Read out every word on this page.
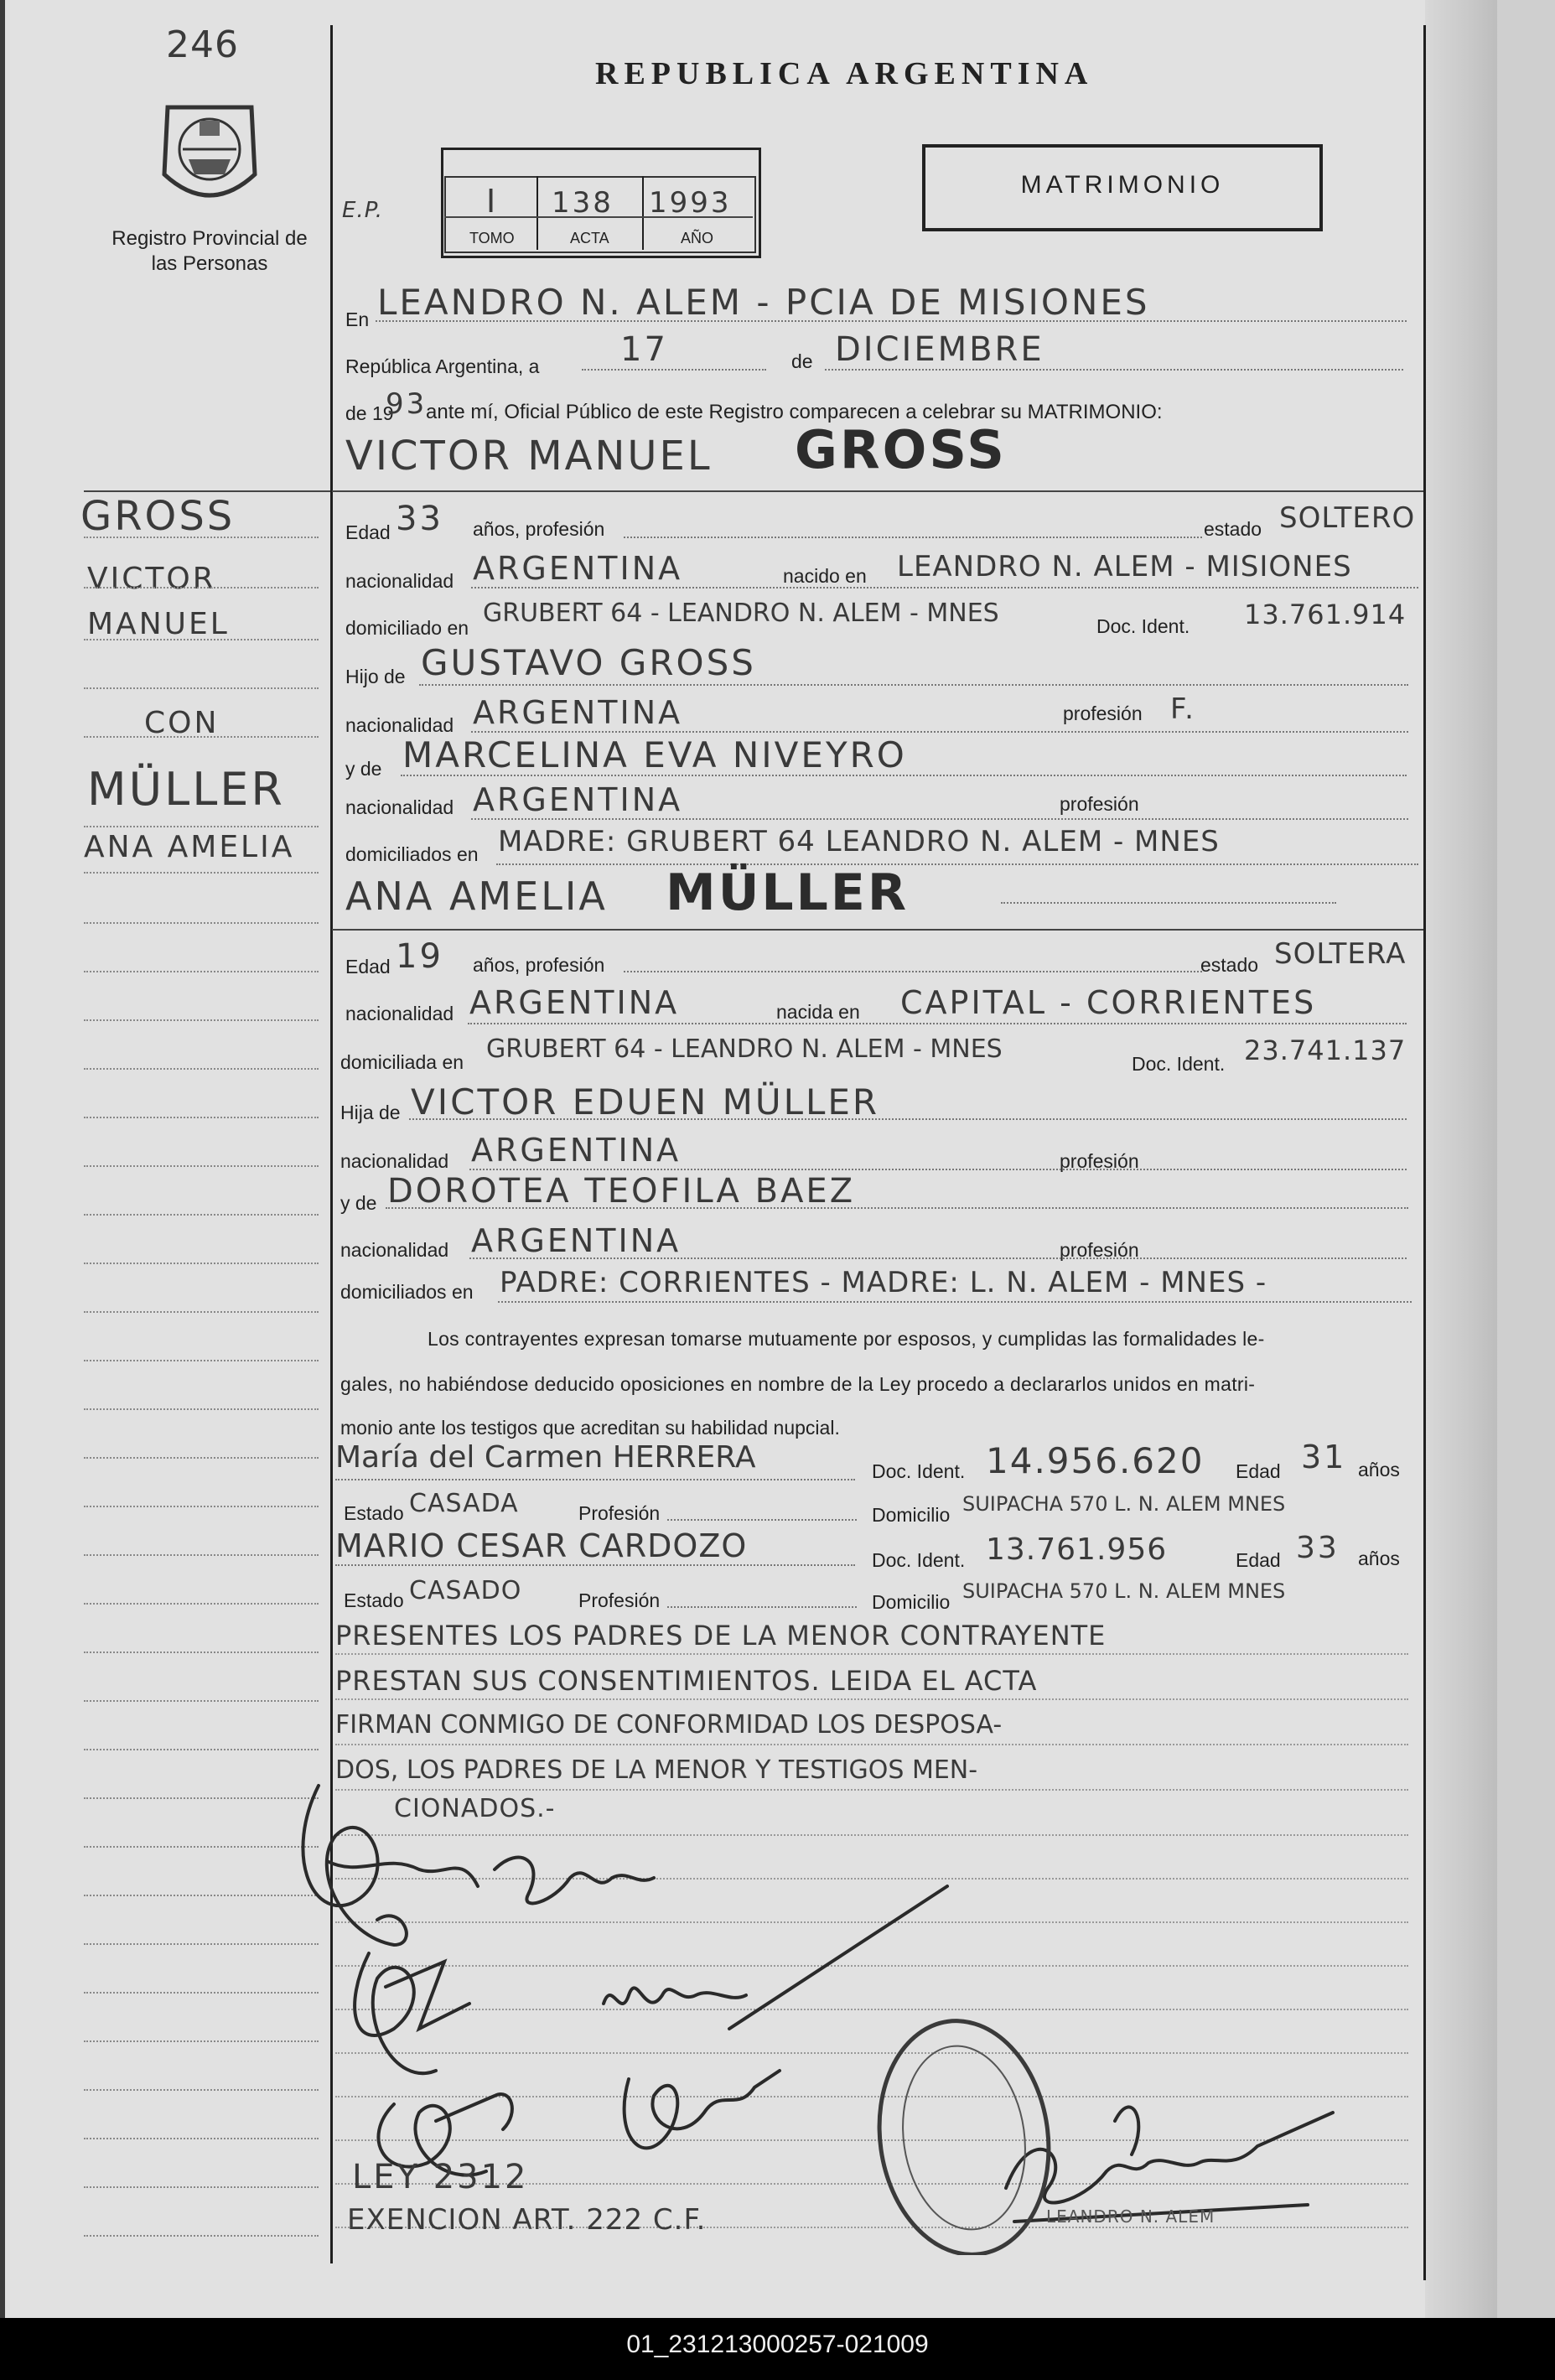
246
Registro Provincial de las Personas
REPUBLICA ARGENTINA
MATRIMONIO
E.P.	I 138 1993
TOMO	ACTA	AÑO
En LEANDRO N. ALEM - PCIA DE MISIONES
República Argentina, a 17	de DICIEMBRE
de 19
93
ante mí, Oficial Público de este Registro comparecen a celebrar su MATRIMONIO:
VICTOR MANUEL GROSS
GROSS
VICTOR
MANUEL
CON
MÜLLER
ANA AMELIA
Edad 33 años, profesión	estado SOLTERO
nacionalidad ARGENTINA	nacido en LEANDRO N. ALEM - MISIONES
domiciliado en GRUBERT 64 - LEANDRO N. ALEM - MNES	Doc. Ident. 13.761.914
Hijo de GUSTAVO GROSS
nacionalidad ARGENTINA	profesión F.
y de MARCELINA EVA NIVEYRO
nacionalidad ARGENTINA	profesión
domiciliados en MADRE: GRUBERT 64 LEANDRO N. ALEM - MNES
ANA AMELIA MÜLLER
Edad 19 años, profesión	estado SOLTERA
nacionalidad ARGENTINA	nacida en CAPITAL - CORRIENTES
domiciliada en GRUBERT 64 - LEANDRO N. ALEM - MNES	Doc. Ident. 23.741.137
Hija de VICTOR EDUEN MÜLLER
nacionalidad ARGENTINA	profesión
y de DOROTEA TEOFILA BAEZ
nacionalidad ARGENTINA	profesión
domiciliados en PADRE: CORRIENTES - MADRE: L. N. ALEM - MNES -
Los contrayentes expresan tomarse mutuamente por esposos, y cumplidas las formalidades le-
gales, no habiéndose deducido oposiciones en nombre de la Ley procedo a declararlos unidos en matri-
monio ante los testigos que acreditan su habilidad nupcial.
María del Carmen HERRERA	Doc. Ident. 14.956.620 Edad 31 años
Estado CASADA	Profesión	Domicilio SUIPACHA 570 L. N. ALEM MNES
MARIO CESAR CARDOZO	Doc. Ident. 13.761.956	Edad 33 años
Estado CASADO	Profesión	Domicilio SUIPACHA 570 L. N. ALEM MNES
PRESENTES LOS PADRES DE LA MENOR CONTRAYENTE
PRESTAN SUS CONSENTIMIENTOS. LEIDA EL ACTA
FIRMAN CONMIGO DE CONFORMIDAD LOS DESPOSA-
DOS, LOS PADRES DE LA MENOR Y TESTIGOS MEN-
CIONADOS.-
LEANDRO N. ALEM
LEY 2312
EXENCION ART. 222 C.F.
01_231213000257-021009
